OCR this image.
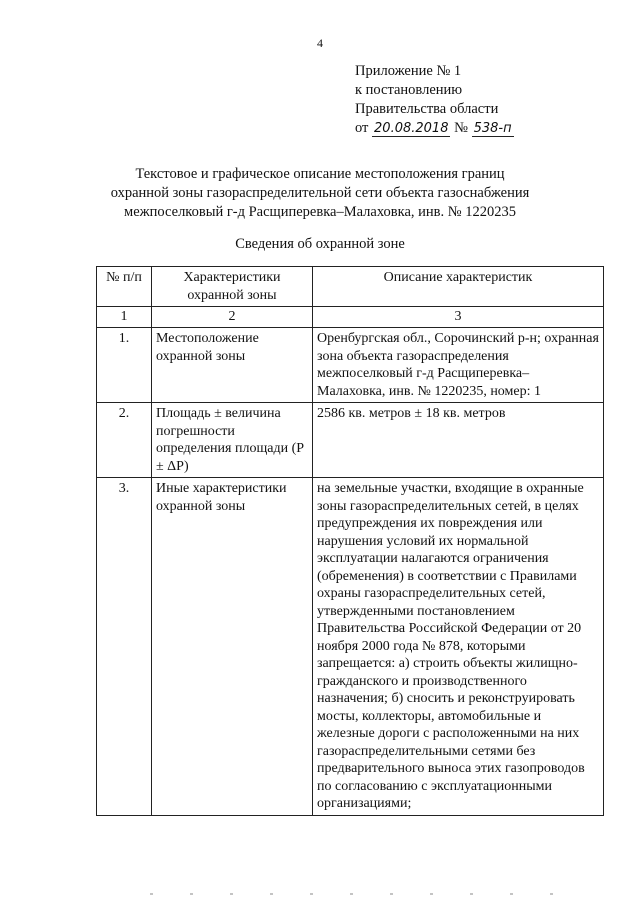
4
Приложение № 1
к постановлению
Правительства области
от 20.08.2018 № 538-п
Текстовое и графическое описание местоположения границ
охранной зоны газораспределительной сети объекта газоснабжения
межпоселковый г-д Расщиперевка–Малаховка, инв. № 1220235
Сведения об охранной зоне
№ п/п	Характеристики охранной зоны	Описание характеристик
1	2	3
1.	Местоположение охранной зоны	Оренбургская обл., Сорочинский р-н; охранная зона объекта газораспределения межпоселковый г-д Расщиперевка– Малаховка, инв. № 1220235, номер: 1
2.	Площадь ± величина погрешности определения площади (P ± ΔP)	2586 кв. метров ± 18 кв. метров
3.	Иные характеристики охранной зоны	на земельные участки, входящие в охранные зоны газораспределительных сетей, в целях предупреждения их повреждения или нарушения условий их нормальной эксплуатации налагаются ограничения (обременения) в соответствии с Правилами охраны газораспределительных сетей, утвержденными постановлением Правительства Российской Федерации от 20 ноября 2000 года № 878, которыми запрещается: а) строить объекты жилищно-гражданского и производственного назначения; б) сносить и реконструировать мосты, коллекторы, автомобильные и железные дороги с расположенными на них газораспределительными сетями без предварительного выноса этих газопроводов по согласованию с эксплуатационными организациями;
